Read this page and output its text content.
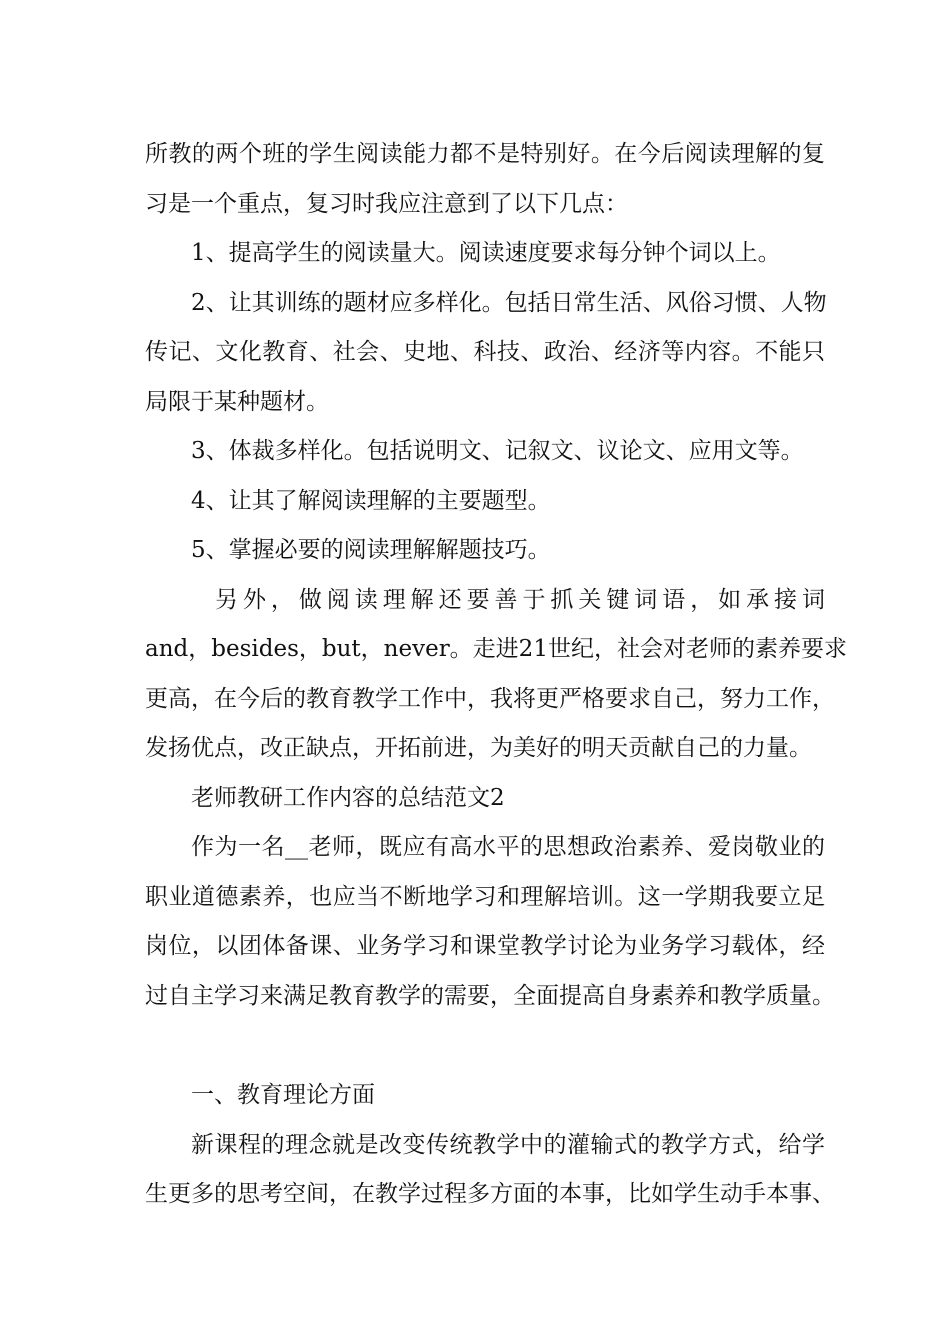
所教的两个班的学生阅读能力都不是特别好。在今后阅读理解的复
习是一个重点，复习时我应注意到了以下几点：
1、提高学生的阅读量大。阅读速度要求每分钟个词以上。
2、让其训练的题材应多样化。包括日常生活、风俗习惯、人物
传记、文化教育、社会、史地、科技、政治、经济等内容。不能只
局限于某种题材。
3、体裁多样化。包括说明文、记叙文、议论文、应用文等。
4、让其了解阅读理解的主要题型。
5、掌握必要的阅读理解解题技巧。
另外，做阅读理解还要善于抓关键词语，如承接词
and，besides，but，never。走进21世纪，社会对老师的素养要求
更高，在今后的教育教学工作中，我将更严格要求自己，努力工作，
发扬优点，改正缺点，开拓前进，为美好的明天贡献自己的力量。
老师教研工作内容的总结范文2
作为一名__老师，既应有高水平的思想政治素养、爱岗敬业的
职业道德素养，也应当不断地学习和理解培训。这一学期我要立足
岗位，以团体备课、业务学习和课堂教学讨论为业务学习载体，经
过自主学习来满足教育教学的需要，全面提高自身素养和教学质量。
一、教育理论方面
新课程的理念就是改变传统教学中的灌输式的教学方式，给学
生更多的思考空间，在教学过程多方面的本事，比如学生动手本事、
